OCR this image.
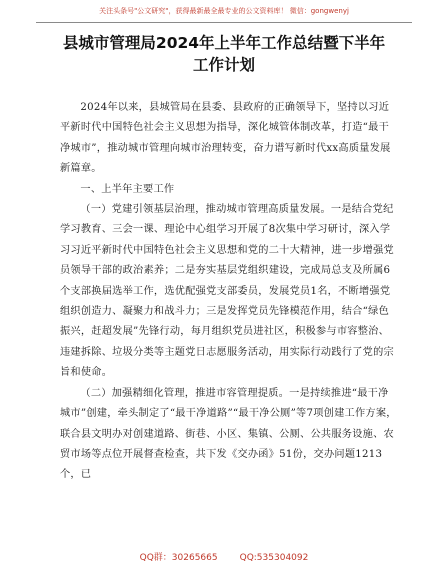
关注头条号"公文研究"，获得最新最全最专业的公文资料库！ 微信：gongwenyj
县城市管理局2024年上半年工作总结暨下半年
工作计划

2024年以来，县城管局在县委、县政府的正确领导下，坚持以习近平新时代中国特色社会主义思想为指导，深化城管体制改革，打造“最干净城市”，推动城市管理向城市治理转变，奋力谱写新时代xx高质量发展新篇章。

一、上半年主要工作

（一）党建引领基层治理，推动城市管理高质量发展。一是结合党纪学习教育、三会一课、理论中心组学习开展了8次集中学习研讨，深入学习习近平新时代中国特色社会主义思想和党的二十大精神，进一步增强党员领导干部的政治素养；二是夯实基层党组织建设，完成局总支及所属6个支部换届选举工作，选优配强党支部委员，发展党员1名，不断增强党组织创造力、凝聚力和战斗力；三是发挥党员先锋模范作用，结合“绿色振兴，赶超发展”先锋行动，每月组织党员进社区，积极参与市容整治、违建拆除、垃圾分类等主题党日志愿服务活动，用实际行动践行了党的宗旨和使命。

（二）加强精细化管理，推进市容管理提质。一是持续推进“最干净城市”创建，牵头制定了“最干净道路”“最干净公厕”等7项创建工作方案，联合县文明办对创建道路、街巷、小区、集镇、公厕、公共服务设施、农贸市场等点位开展督查检查，共下发《交办函》51份，交办问题1213个，已

QQ群：30265665 QQ:535304092
